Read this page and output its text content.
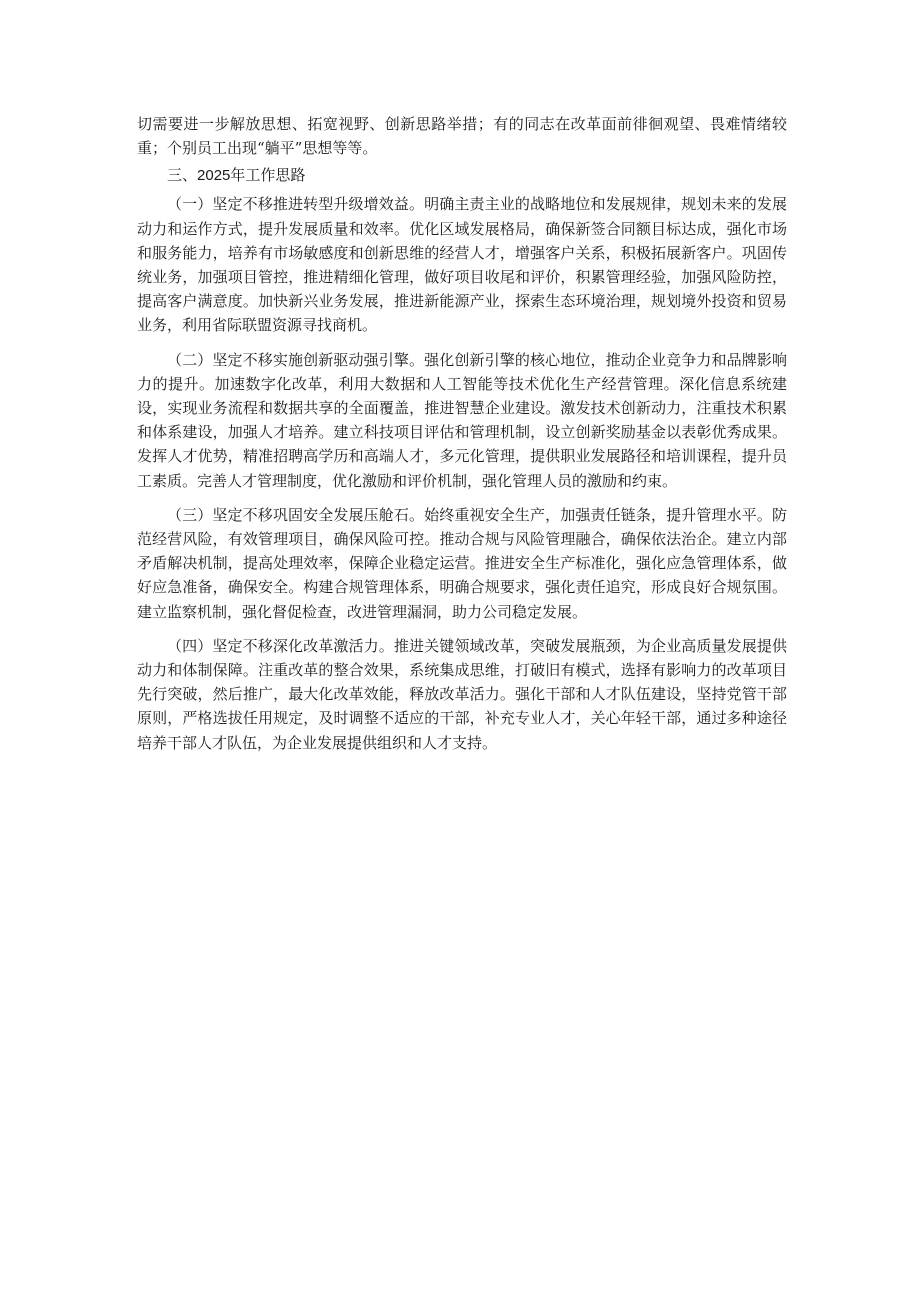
切需要进一步解放思想、拓宽视野、创新思路举措；有的同志在改革面前徘徊观望、畏难情绪较重；个别员工出现“躺平”思想等等。

三、2025年工作思路

（一）坚定不移推进转型升级增效益。明确主责主业的战略地位和发展规律，规划未来的发展动力和运作方式，提升发展质量和效率。优化区域发展格局，确保新签合同额目标达成，强化市场和服务能力，培养有市场敏感度和创新思维的经营人才，增强客户关系，积极拓展新客户。巩固传统业务，加强项目管控，推进精细化管理，做好项目收尾和评价，积累管理经验，加强风险防控，提高客户满意度。加快新兴业务发展，推进新能源产业，探索生态环境治理，规划境外投资和贸易业务，利用省际联盟资源寻找商机。

（二）坚定不移实施创新驱动强引擎。强化创新引擎的核心地位，推动企业竞争力和品牌影响力的提升。加速数字化改革，利用大数据和人工智能等技术优化生产经营管理。深化信息系统建设，实现业务流程和数据共享的全面覆盖，推进智慧企业建设。激发技术创新动力，注重技术积累和体系建设，加强人才培养。建立科技项目评估和管理机制，设立创新奖励基金以表彰优秀成果。发挥人才优势，精准招聘高学历和高端人才，多元化管理，提供职业发展路径和培训课程，提升员工素质。完善人才管理制度，优化激励和评价机制，强化管理人员的激励和约束。

（三）坚定不移巩固安全发展压舱石。始终重视安全生产，加强责任链条，提升管理水平。防范经营风险，有效管理项目，确保风险可控。推动合规与风险管理融合，确保依法治企。建立内部矛盾解决机制，提高处理效率，保障企业稳定运营。推进安全生产标准化，强化应急管理体系，做好应急准备，确保安全。构建合规管理体系，明确合规要求，强化责任追究，形成良好合规氛围。建立监察机制，强化督促检查，改进管理漏洞，助力公司稳定发展。

（四）坚定不移深化改革激活力。推进关键领域改革，突破发展瓶颈，为企业高质量发展提供动力和体制保障。注重改革的整合效果，系统集成思维，打破旧有模式，选择有影响力的改革项目先行突破，然后推广，最大化改革效能，释放改革活力。强化干部和人才队伍建设，坚持党管干部原则，严格选拔任用规定，及时调整不适应的干部，补充专业人才，关心年轻干部，通过多种途径培养干部人才队伍，为企业发展提供组织和人才支持。
